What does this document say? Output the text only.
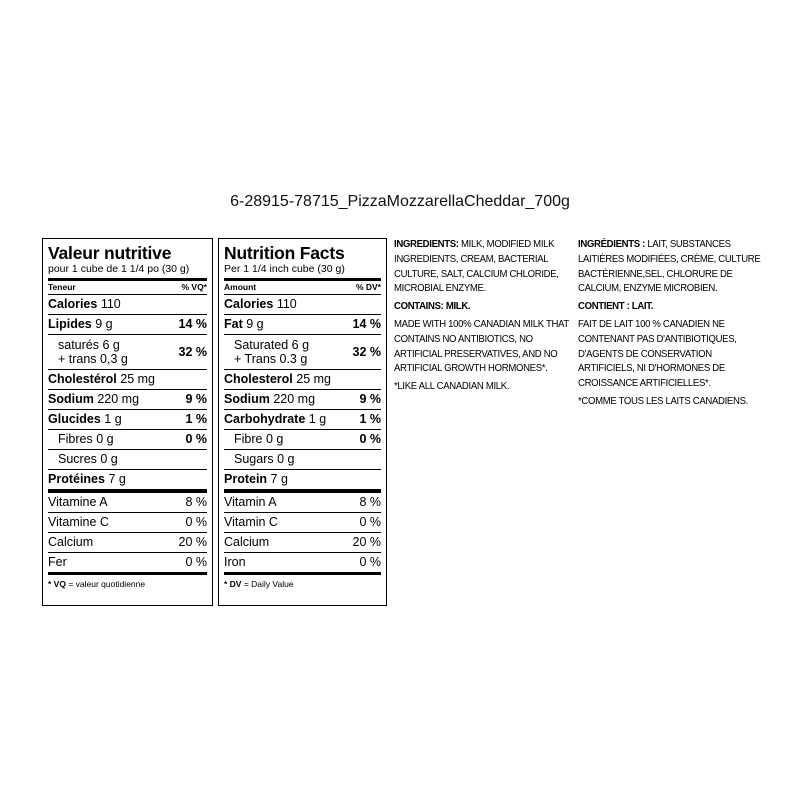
6-28915-78715_PizzaMozzarellaCheddar_700g
Valeur nutritive
pour 1 cube de 1 1/4 po (30 g)
Teneur	% VQ*
Calories 110
Lipides 9 g	14 %
saturés 6 g
+ trans 0,3 g	32 %
Cholestérol 25 mg
Sodium 220 mg	9 %
Glucides 1 g	1 %
Fibres 0 g	0 %
Sucres 0 g
Protéines 7 g
Vitamine A	8 %
Vitamine C	0 %
Calcium	20 %
Fer	0 %
* VQ = valeur quotidienne
Nutrition Facts
Per 1 1/4 inch cube (30 g)
Amount	% DV*
Calories 110
Fat 9 g	14 %
Saturated 6 g
+ Trans 0.3 g	32 %
Cholesterol 25 mg
Sodium 220 mg	9 %
Carbohydrate 1 g	1 %
Fibre 0 g	0 %
Sugars 0 g
Protein 7 g
Vitamin A	8 %
Vitamin C	0 %
Calcium	20 %
Iron	0 %
* DV = Daily Value

INGREDIENTS: MILK, MODIFIED MILK INGREDIENTS, CREAM, BACTERIAL CULTURE, SALT, CALCIUM CHLORIDE, MICROBIAL ENZYME.

CONTAINS: MILK.

MADE WITH 100% CANADIAN MILK THAT CONTAINS NO ANTIBIOTICS, NO ARTIFICIAL PRESERVATIVES, AND NO ARTIFICIAL GROWTH HORMONES*.

*LIKE ALL CANADIAN MILK.

INGRÉDIENTS : LAIT, SUBSTANCES LAITIÈRES MODIFIÉES, CRÈME, CULTURE BACTÉRIENNE,SEL, CHLORURE DE CALCIUM, ENZYME MICROBIEN.

CONTIENT : LAIT.

FAIT DE LAIT 100 % CANADIEN NE CONTENANT PAS D'ANTIBIOTIQUES, D'AGENTS DE CONSERVATION ARTIFICIELS, NI D'HORMONES DE CROISSANCE ARTIFICIELLES*.

*COMME TOUS LES LAITS CANADIENS.
